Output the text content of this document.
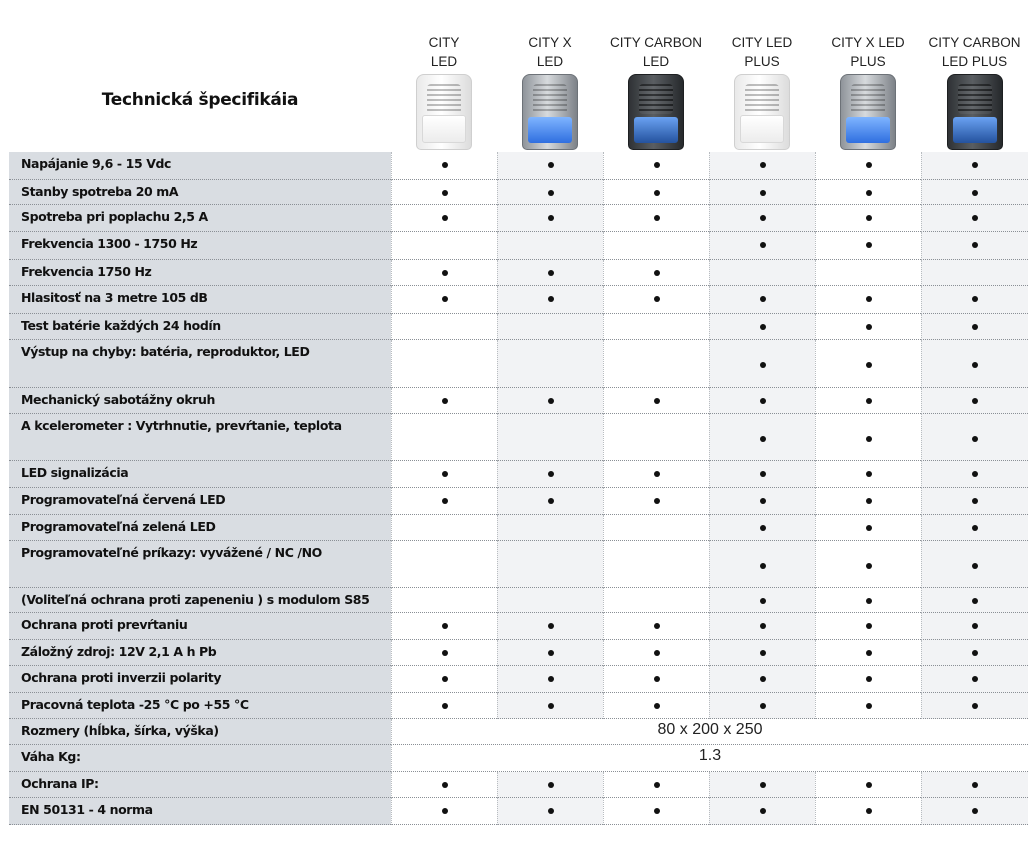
Technická špecifikáia
CITY
LED
CITY X
LED
CITY CARBON
LED
CITY LED
PLUS
CITY X LED
PLUS
CITY CARBON
LED PLUS
Napájanie 9,6 - 15 Vdc
Stanby spotreba 20 mA
Spotreba pri poplachu 2,5 A
Frekvencia 1300 - 1750 Hz
Frekvencia 1750 Hz
Hlasitosť na 3 metre 105 dB
Test batérie každých 24 hodín
Výstup na chyby: batéria, reproduktor, LED
Mechanický sabotážny okruh
A kcelerometer : Vytrhnutie, prevŕtanie, teplota
LED signalizácia
Programovateľná červená LED
Programovateľná zelená LED
Programovateľné príkazy: vyvážené / NC /NO
(Voliteľná ochrana proti zapeneniu ) s modulom S85
Ochrana proti prevŕtaniu
Záložný zdroj: 12V 2,1 A h Pb
Ochrana proti inverzii polarity
Pracovná teplota -25 °C po +55 °C
Rozmery (hĺbka, šírka, výška)	80 x 200 x 250
Váha Kg:	1.3
Ochrana IP:
EN 50131 - 4 norma
